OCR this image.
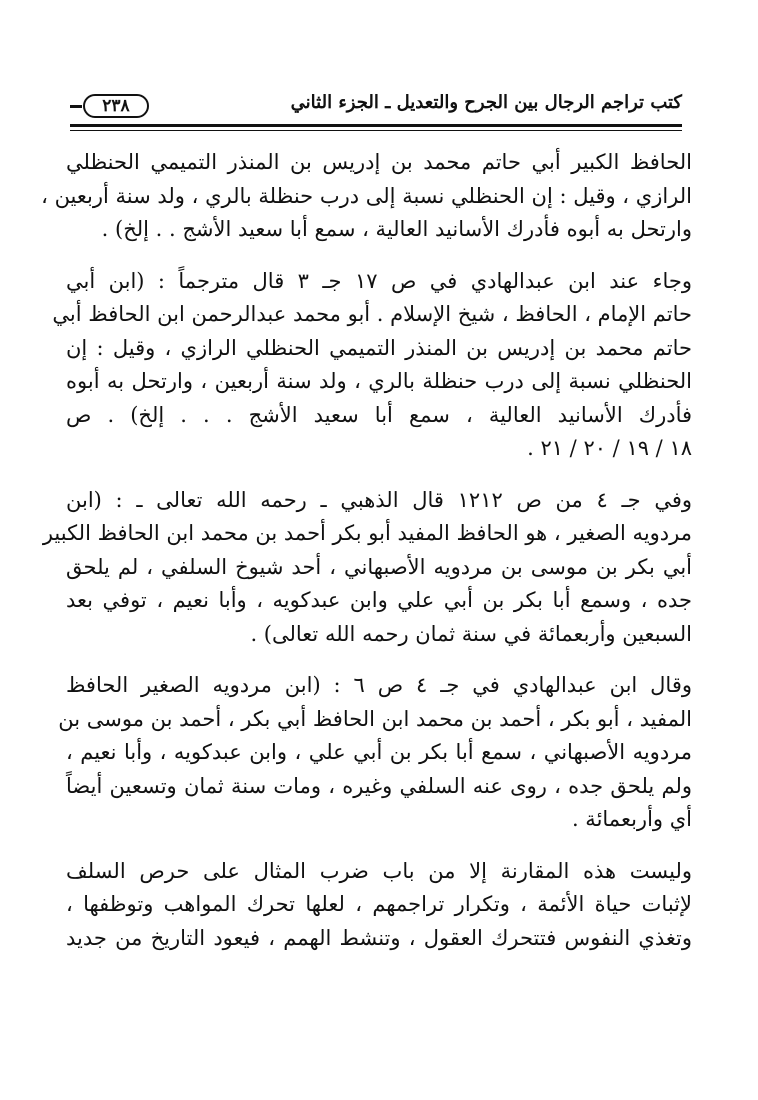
٢٣٨	كتب تراجم الرجال بين الجرح والتعديل ـ الجزء الثاني
الحافظ الكبير أبي حاتم محمد بن إدريس بن المنذر التميمي الحنظلي
الرازي ، وقيل : إن الحنظلي نسبة إلى درب حنظلة بالري ، ولد سنة أربعين ،
وارتحل به أبوه فأدرك الأسانيد العالية ، سمع أبا سعيد الأشج . . إلخ) .
وجاء عند ابن عبدالهادي في ص ١٧ جـ ٣ قال مترجماً : (ابن أبي
حاتم الإمام ، الحافظ ، شيخ الإسلام . أبو محمد عبدالرحمن ابن الحافظ أبي
حاتم محمد بن إدريس بن المنذر التميمي الحنظلي الرازي ، وقيل : إن
الحنظلي نسبة إلى درب حنظلة بالري ، ولد سنة أربعين ، وارتحل به أبوه
فأدرك الأسانيد العالية ، سمع أبا سعيد الأشج . . . إلخ) . ص
١٨ / ١٩ / ٢٠ / ٢١ .
وفي جـ ٤ من ص ١٢١٢ قال الذهبي ـ رحمه الله تعالى ـ : (ابن
مردويه الصغير ، هو الحافظ المفيد أبو بكر أحمد بن محمد ابن الحافظ الكبير
أبي بكر بن موسى بن مردويه الأصبهاني ، أحد شيوخ السلفي ، لم يلحق
جده ، وسمع أبا بكر بن أبي علي وابن عبدكويه ، وأبا نعيم ، توفي بعد
السبعين وأربعمائة في سنة ثمان رحمه الله تعالى) .
وقال ابن عبدالهادي في جـ ٤ ص ٦ : (ابن مردويه الصغير الحافظ
المفيد ، أبو بكر ، أحمد بن محمد ابن الحافظ أبي بكر ، أحمد بن موسى بن
مردويه الأصبهاني ، سمع أبا بكر بن أبي علي ، وابن عبدكويه ، وأبا نعيم ،
ولم يلحق جده ، روى عنه السلفي وغيره ، ومات سنة ثمان وتسعين أيضاً
أي وأربعمائة .
وليست هذه المقارنة إلا من باب ضرب المثال على حرص السلف
لإثبات حياة الأئمة ، وتكرار تراجمهم ، لعلها تحرك المواهب وتوظفها ،
وتغذي النفوس فتتحرك العقول ، وتنشط الهمم ، فيعود التاريخ من جديد
